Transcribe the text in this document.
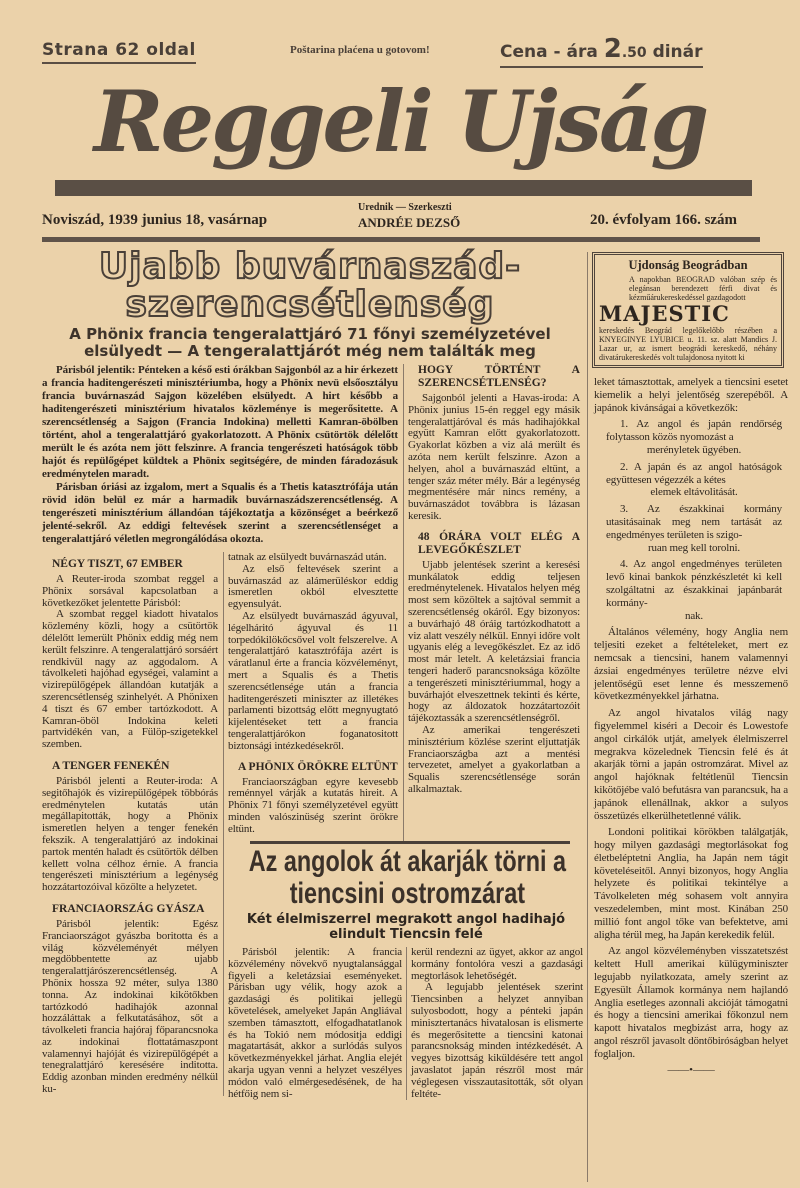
Strana 62 oldal	Poštarina plaćena u gotovom!	Cena - ára 2.50 dinár
Reggeli Ujság
Noviszád, 1939 junius 18, vasárnap
Urednik — Szerkeszti
ANDRÉE DEZSŐ	20. évfolyam 166. szám
Ujabb buvárnaszád-
szerencsétlenség
A Phönix francia tengeralattjáró 71 főnyi személyzetével elsülyedt — A tengeralattjárót még nem találták meg
Ujdonság Beográdban

A napokban BEOGRAD valóban szép és elegánsan berendezett férfi divat és kézműárukereskedéssel gazdagodott

MAJESTIC

kereskedés Beográd legelőkelőbb részében a KNYEGINYE LYUBICE u. 11. sz. alatt Mandics J. Lazar ur, az ismert beográdi kereskedő, néhány divatárukereskedés volt tulajdonosa nyitott ki

Párisból jelentik: Pénteken a késő esti órákban Sajgonból az a hir érkezett a francia haditengerészeti minisztériumba, hogy a Phönix nevü elsőosztályu francia buvárnaszád Sajgon közelében elsülyedt. A hirt később a haditengerészeti minisztérium hivatalos közleménye is megerősitette. A szerencsétlenség a Sajgon (Francia Indokina) melletti Kamran-öbölben történt, ahol a tengeralattjáró gyakorlatozott. A Phönix csütörtök délelőtt merült le és azóta nem jött felszinre. A francia tengerészeti hatóságok több hajót és repülőgépet küldtek a Phönix segitségére, de minden fáradozásuk eredménytelen maradt.

Párisban óriási az izgalom, mert a Squalis és a Thetis katasztrófája után rövid idön belül ez már a harmadik buvárnaszádszerencsétlenség. A tengerészeti minisztérium állandóan tájékoztatja a közönséget a beérkező jelenté-sekről. Az eddigi feltevések szerint a szerencsétlenséget a tengeralattjáró véletlen megrongálódása okozta.

NÉGY TISZT, 67 EMBER

A Reuter-iroda szombat reggel a Phönix sorsával kapcsolatban a következőket jelentette Párisból:

A szombat reggel kiadott hivatalos közlemény közli, hogy a csütörtök délelőtt lemerült Phönix eddig még nem került felszinre. A tengeralattjáró sorsáért rendkivül nagy az aggodalom. A távolkeleti hajóhad egységei, valamint a vizirepülőgépek állandóan kutatják a szerencsétlenség szinhelyét. A Phönixen 4 tiszt és 67 ember tartózkodott. A Kamran-öböl Indokina keleti partvidékén van, a Fülöp-szigetekkel szemben.

A TENGER FENEKÉN

Párisból jelenti a Reuter-iroda: A segitőhajók és vizirepülőgépek többórás eredménytelen kutatás után megállapitották, hogy a Phönix ismeretlen helyen a tenger fenekén fekszik. A tengeralattjáró az indokinai partok mentén haladt és csütörtök délben kellett volna célhoz érnie. A francia tengerészeti minisztérium a legénység hozzátartozóival közölte a helyzetet.

FRANCIAORSZÁG GYÁSZA

Párisból jelentik: Egész Franciaországot gyászba boritotta és a világ közvéleményét mélyen megdöbbentette az ujabb tengeralattjárószerencsétlenség. A Phönix hossza 92 méter, sulya 1380 tonna. Az indokinai kikötőkben tartózkodó hadihajók azonnal hozzáláttak a felkutatásához, sőt a távolkeleti francia hajóraj főparancsnoka az indokinai flottatámaszpont valamennyi hajóját és vizirepülőgépét a tenegralattjáró keresésére inditotta. Eddig azonban minden eredmény nélkül ku-

tatnak az elsülyedt buvárnaszád után.

Az első feltevések szerint a buvárnaszád az alámerüléskor eddig ismeretlen okból elvesztette egyensulyát.

Az elsülyedt buvárnaszád ágyuval, légelháritó ágyuval és 11 torpedókilökőcsővel volt felszerelve. A tengeralattjáró katasztrófája azért is váratlanul érte a francia közvéleményt, mert a Squalis és a Thetis szerencsétlensége után a francia haditengerészeti miniszter az illetékes parlamenti bizottság előtt megnyugtató kijelentéseket tett a francia tengeralattjárókon foganatositott biztonsági intézkedésekről.

A PHÖNIX ÖRÖKRE ELTÜNT

Franciaországban egyre kevesebb reménnyel várják a kutatás hireit. A Phönix 71 főnyi személyzetével együtt minden valószinüség szerint örökre eltünt.

HOGY TÖRTÉNT A SZERENCSÉTLENSÉG?

Sajgonból jelenti a Havas-iroda: A Phönix junius 15-én reggel egy másik tengeralattjáróval és más hadihajókkal együtt Kamran előtt gyakorlatozott. Gyakorlat közben a viz alá merült és azóta nem került felszinre. Azon a helyen, ahol a buvárnaszád eltünt, a tenger száz méter mély. Bár a legénység megmentésére már nincs remény, a buvárnaszádot továbbra is lázasan keresik.

48 ÓRÁRA VOLT ELÉG A LEVEGŐKÉSZLET

Ujabb jelentések szerint a keresési munkálatok eddig teljesen eredménytelenek. Hivatalos helyen még most sem közöltek a sajtóval semmit a szerencsétlenség okáról. Egy bizonyos: a buvárhajó 48 óráig tartózkodhatott a viz alatt veszély nélkül. Ennyi időre volt ugyanis elég a levegőkészlet. Ez az idő most már letelt. A keletázsiai francia tengeri haderő parancsnoksága közölte a tengerészeti minisztériummal, hogy a buvárhajót elveszettnek tekinti és kérte, hogy az áldozatok hozzátartozóit tájékoztassák a szerencsétlenségről.

Az amerikai tengerészeti minisztérium közlése szerint eljuttatják Franciaországba azt a mentési tervezetet, amelyet a gyakorlatban a Squalis szerencsétlensége során alkalmaztak.

Az angolok át akarják törni a tiencsini ostromzárat
Két élelmiszerrel megrakott angol hadihajó elindult Tiencsin felé

Párisból jelentik: A francia közvélemény növekvő nyugtalansággal figyeli a keletázsiai eseményeket. Párisban ugy vélik, hogy azok a gazdasági és politikai jellegü követelések, amelyeket Japán Angliával szemben támasztott, elfogadhatatlanok és ha Tokió nem módositja eddigi magatartását, akkor a surlódás sulyos következményekkel járhat. Anglia elejét akarja ugyan venni a helyzet veszélyes módon való elmérgesedésének, de ha hétfőig nem si-

kerül rendezni az ügyet, akkor az angol kormány fontolóra veszi a gazdasági megtorlások lehetőségét.

A legujabb jelentések szerint Tiencsinben a helyzet annyiban sulyosbodott, hogy a pénteki japán minisztertanács hivatalosan is elismerte és megerősitette a tiencsini katonai parancsnokság minden intézkedését. A vegyes bizottság kiküldésére tett angol javaslatot japán részről most már véglegesen visszautasitották, sőt olyan feltéte-

leket támasztottak, amelyek a tiencsini esetet kiemelik a helyi jelentőség szerepéből. A japánok kivánságai a következők:

1. Az angol és japán rendőrség folytasson közös nyomozást a

merényletek ügyében.

2. A japán és az angol hatóságok együttesen végezzék a kétes

elemek eltávolitását.

3. Az északkinai kormány utasitásainak meg nem tartását az engedményes területen is szigo-

ruan meg kell torolni.

4. Az angol engedményes területen levő kinai bankok pénzkészletét ki kell szolgáltatni az északkinai japánbarát kormány-

nak.

Általános vélemény, hogy Anglia nem teljesiti ezeket a feltételeket, mert ez nemcsak a tiencsini, hanem valamennyi ázsiai engedményes területre nézve elvi jelentőségü eset lenne és messzemenő következményekkel járhatna.

Az angol hivatalos világ nagy figyelemmel kiséri a Decoir és Lowestofe angol cirkálók utját, amelyek élelmiszerrel megrakva közelednek Tiencsin felé és át akarják törni a japán ostromzárat. Mivel az angol hajóknak feltétlenül Tiencsin kikötőjébe való befutásra van parancsuk, ha a japánok ellenállnak, akkor a sulyos összetüzés elkerülhetetlenné válik.

Londoni politikai körökben találgatják, hogy milyen gazdasági megtorlásokat fog életbeléptetni Anglia, ha Japán nem tágit követeléseitől. Annyi bizonyos, hogy Anglia helyzete és politikai tekintélye a Távolkeleten még sohasem volt annyira veszedelemben, mint most. Kinában 250 millió font angol tőke van befektetve, ami aligha térül meg, ha Japán kerekedik felül.

Az angol közvéleményben visszatetszést keltett Hull amerikai külügyminiszter legujabb nyilatkozata, amely szerint az Egyesült Államok kormánya nem hajlandó Anglia esetleges azonnali akcióját támogatni és hogy a tiencsini amerikai főkonzul nem kapott hivatalos megbizást arra, hogy az angol részről javasolt döntőbiróságban helyet foglaljon.

——•——
